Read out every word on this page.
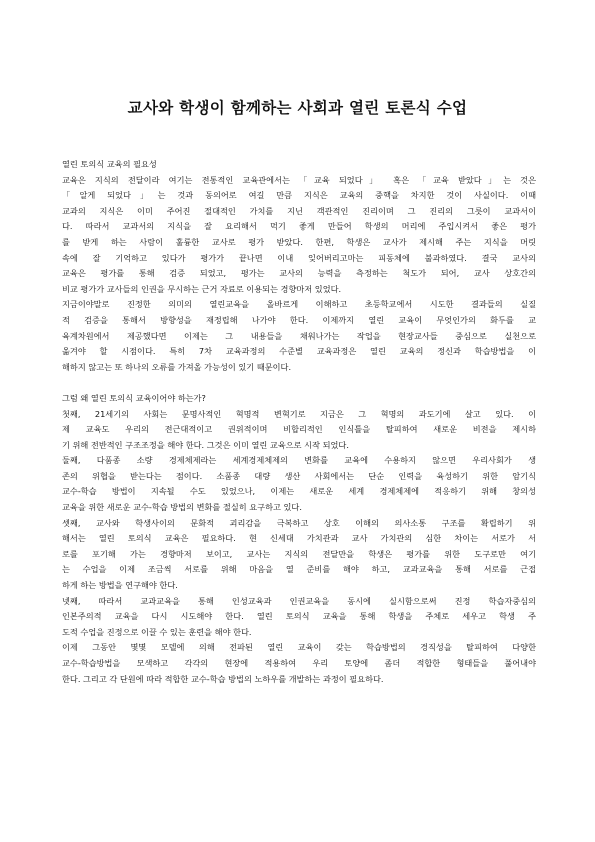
교사와 학생이 함께하는 사회과 열린 토론식 수업
열린 토의식 교육의 필요성
교육은 지식의 전달이라 여기는 전통적인 교육관에서는 「교육 되었다」 혹은 「교육 받았다」는 것은
「알게 되었다」는 것과 동의어로 여길 만큼 지식은 교육의 중핵을 차지한 것이 사실이다. 이때
교과의 지식은 이미 주어진 절대적인 가치를 지닌 객관적인 진리이며 그 진리의 그릇이 교과서이
다. 따라서 교과서의 지식을 잘 요리해서 먹기 좋게 만들어 학생의 머리에 주입시켜서 좋은 평가
를 받게 하는 사람이 훌륭한 교사로 평가 받았다. 한편, 학생은 교사가 제시해 주는 지식을 머릿
속에 잘 기억하고 있다가 평가가 끝나면 이내 잊어버리고마는 피동체에 불과하였다. 결국 교사의
교육은 평가를 통해 검증 되었고, 평가는 교사의 능력을 측정하는 척도가 되어, 교사 상호간의
비교 평가가 교사들의 인권을 무시하는 근거 자료로 이용되는 경향마저 있었다.
지금이야말로 진정한 의미의 열린교육을 올바르게 이해하고 초등학교에서 시도한 결과들의 실질
적 검증을 통해서 방향성을 재정립해 나가야 한다. 이제까지 열린 교육이 무엇인가의 화두를 교
육계차원에서 제공했다면 이제는 그 내용들을 채워나가는 작업을 현장교사들 중심으로 실천으로
옮겨야 할 시점이다. 특히 7차 교육과정의 수준별 교육과정은 열린 교육의 정신과 학습방법을 이
해하지 않고는 또 하나의 오류를 가져올 가능성이 있기 때문이다.
그럼 왜 열린 토의식 교육이어야 하는가?
첫째, 21세기의 사회는 문명사적인 혁명적 변혁기로 지금은 그 혁명의 과도기에 살고 있다. 이
제 교육도 우리의 전근대적이고 권위적이며 비합리적인 인식틀을 탈피하여 새로운 비전을 제시하
기 위해 전반적인 구조조정을 해야 한다. 그것은 이미 열린 교육으로 시작 되었다.
둘째, 다품종 소량 경제체제라는 세계경제체제의 변화를 교육에 수용하지 않으면 우리사회가 생
존의 위협을 받는다는 점이다. 소품종 대량 생산 사회에서는 단순 인력을 육성하기 위한 암기식
교수-학습 방법이 지속될 수도 있었으나, 이제는 새로운 세계 경제체제에 적응하기 위해 창의성
교육을 위한 새로운 교수-학습 방법의 변화를 절실히 요구하고 있다.
셋째, 교사와 학생사이의 문화적 괴리감을 극복하고 상호 이해의 의사소통 구조를 확립하기 위
해서는 열린 토의식 교육은 필요하다. 현 신세대 가치관과 교사 가치관의 심한 차이는 서로가 서
로를 포기해 가는 경향마저 보이고, 교사는 지식의 전달만을 학생은 평가를 위한 도구로만 여기
는 수업을 이제 조금씩 서로를 위해 마음을 열 준비를 해야 하고, 교과교육을 통해 서로를 근접
하게 하는 방법을 연구해야 한다.
넷째, 따라서 교과교육을 통해 인성교육과 인권교육을 동시에 실시함으로써 진정 학습자중심의
인본주의적 교육을 다시 시도해야 한다. 열린 토의식 교육을 통해 학생을 주체로 세우고 학생 주
도적 수업을 진정으로 이끌 수 있는 훈련을 해야 한다.
이제 그동안 몇몇 모델에 의해 전파된 열린 교육이 갖는 학습방법의 경직성을 탈피하여 다양한
교수-학습방법을 모색하고 각각의 현장에 적용하여 우리 토양에 좀더 적합한 형태들을 풀어내야
한다. 그리고 각 단원에 따라 적합한 교수-학습 방법의 노하우를 개발하는 과정이 필요하다.
